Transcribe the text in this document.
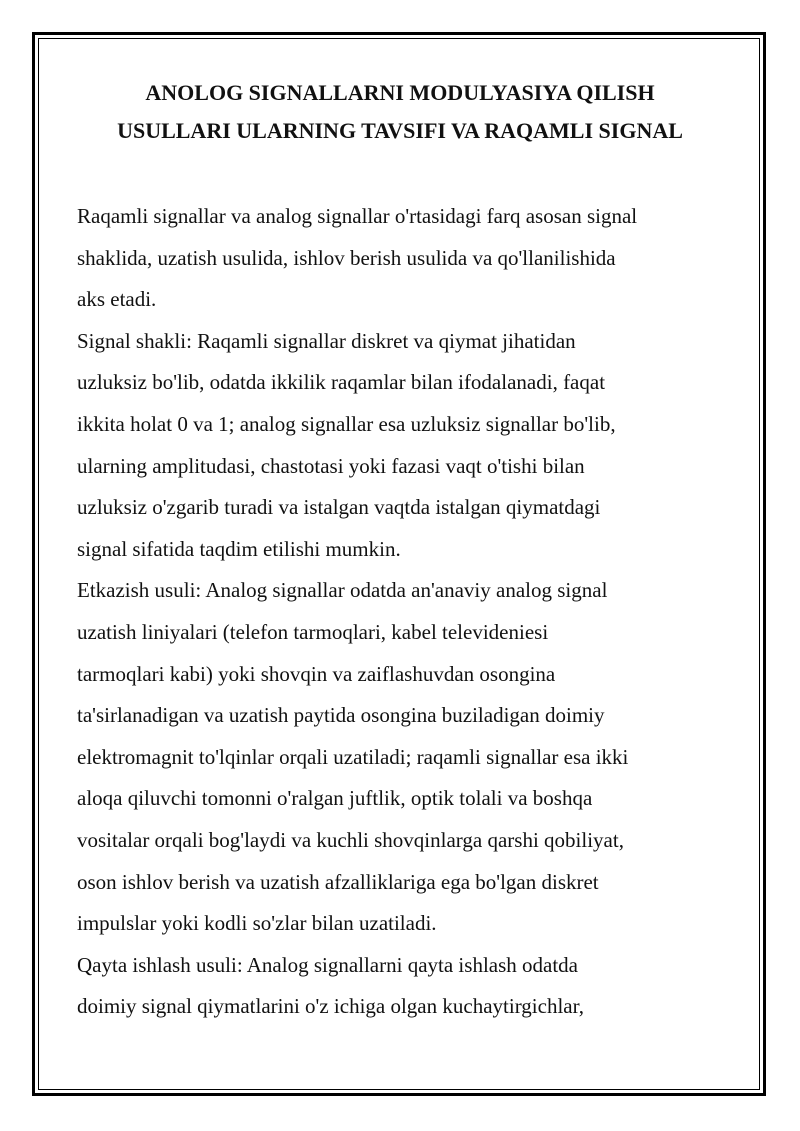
ANOLOG SIGNALLARNI MODULYASIYA QILISH
USULLARI ULARNING TAVSIFI VA RAQAMLI SIGNAL
Raqamli signallar va analog signallar o'rtasidagi farq asosan signal
shaklida, uzatish usulida, ishlov berish usulida va qo'llanilishida
aks etadi.
Signal shakli: Raqamli signallar diskret va qiymat jihatidan
uzluksiz bo'lib, odatda ikkilik raqamlar bilan ifodalanadi, faqat
ikkita holat 0 va 1; analog signallar esa uzluksiz signallar bo'lib,
ularning amplitudasi, chastotasi yoki fazasi vaqt o'tishi bilan
uzluksiz o'zgarib turadi va istalgan vaqtda istalgan qiymatdagi
signal sifatida taqdim etilishi mumkin.
Etkazish usuli: Analog signallar odatda an'anaviy analog signal
uzatish liniyalari (telefon tarmoqlari, kabel televideniesi
tarmoqlari kabi) yoki shovqin va zaiflashuvdan osongina
ta'sirlanadigan va uzatish paytida osongina buziladigan doimiy
elektromagnit to'lqinlar orqali uzatiladi; raqamli signallar esa ikki
aloqa qiluvchi tomonni o'ralgan juftlik, optik tolali va boshqa
vositalar orqali bog'laydi va kuchli shovqinlarga qarshi qobiliyat,
oson ishlov berish va uzatish afzalliklariga ega bo'lgan diskret
impulslar yoki kodli so'zlar bilan uzatiladi.
Qayta ishlash usuli: Analog signallarni qayta ishlash odatda
doimiy signal qiymatlarini o'z ichiga olgan kuchaytirgichlar,
